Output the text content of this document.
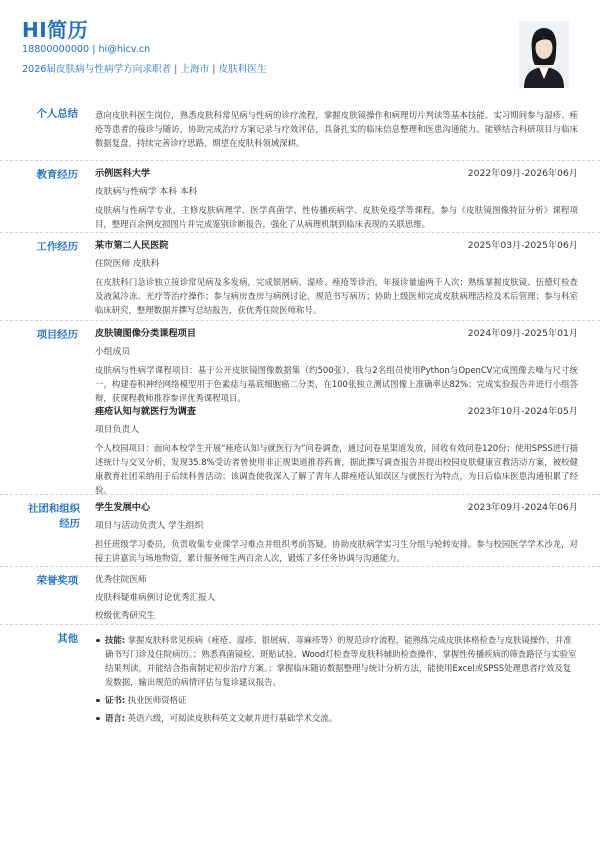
HI简历
18800000000 | hi@hicv.cn
2026届皮肤病与性病学方向求职者 | 上海市 | 皮肤科医生
个人总结 意向皮肤科医生岗位，熟悉皮肤科常见病与性病的诊疗流程，掌握皮肤镜操作和病理切片判读等基本技能。实习期间参与湿疹、痤疮等患者的接诊与随访，协助完成治疗方案记录与疗效评估，具备扎实的临床信息整理和医患沟通能力。能够结合科研项目与临床数据复盘，持续完善诊疗思路，期望在皮肤科领域深耕。
教育经历 示例医科大学	2022年09月-2026年06月
皮肤病与性病学 本科 本科
皮肤病与性病学专业，主修皮肤病理学、医学真菌学、性传播疾病学、皮肤免疫学等课程。参与《皮肤镜图像特征分析》课程项目，整理百余例皮损图片并完成鉴别诊断报告，强化了从病理机制到临床表现的关联思维。
工作经历 某市第二人民医院	2025年03月-2025年06月
住院医师 皮肤科
在皮肤科门急诊独立接诊常见病及多发病，完成银屑病、湿疹、痤疮等诊治，年接诊量逾两千人次；熟练掌握皮肤镜、伍德灯检查及液氮冷冻、光疗等治疗操作；参与病房查房与病例讨论，规范书写病历；协助上级医师完成皮肤病理活检及术后管理；参与科室临床研究，整理数据并撰写总结报告，获优秀住院医师称号。
项目经历 皮肤镜图像分类课程项目	2024年09月-2025年01月
小组成员
皮肤病与性病学课程项目：基于公开皮肤镜图像数据集（约500张），我与2名组员使用Python与OpenCV完成图像去噪与尺寸统一，构建卷积神经网络模型用于色素痣与基底细胞癌二分类，在100张独立测试图像上准确率达82%；完成实验报告并进行小组答辩，获课程教师推荐参评优秀课程项目。
痤疮认知与就医行为调查	2023年10月-2024年05月
项目负责人
个人校园项目：面向本校学生开展“痤疮认知与就医行为”问卷调查，通过问卷星渠道发放，回收有效问卷120份；使用SPSS进行描述统计与交叉分析，发现35.8%受访者曾使用非正规渠道推荐药膏，据此撰写调查报告并提出校园皮肤健康宣教活动方案，被校健康教育社团采纳用于后续科普活动；该调查使我深入了解了青年人群痤疮认知误区与就医行为特点，为日后临床医患沟通积累了经验。
社团和组织
经历
学生发展中心	2023年09月-2024年06月
项目与活动负责人 学生组织
担任班级学习委员，负责收集专业课学习难点并组织考前答疑，协助皮肤病学实习生分组与轮转安排。参与校园医学学术沙龙，对接主讲嘉宾与场地物资，累计服务师生两百余人次，锻炼了多任务协调与沟通能力。
荣誉奖项 优秀住院医师
皮肤科疑难病例讨论优秀汇报人
校级优秀研究生
其他	技能: 掌握皮肤科常见疾病（痤疮、湿疹、银屑病、荨麻疹等）的规范诊疗流程，能熟练完成皮肤体格检查与皮肤镜操作，并准确书写门诊及住院病历。；熟悉真菌镜检、斑贴试验、Wood灯检查等皮肤科辅助检查操作，掌握性传播疾病的筛查路径与实验室结果判读，并能结合指南制定初步治疗方案。；掌握临床随访数据整理与统计分析方法，能使用Excel或SPSS处理患者疗效及复发数据，输出规范的病情评估与复诊建议报告。
证书: 执业医师资格证
语言: 英语六级，可阅读皮肤科英文文献并进行基础学术交流。
